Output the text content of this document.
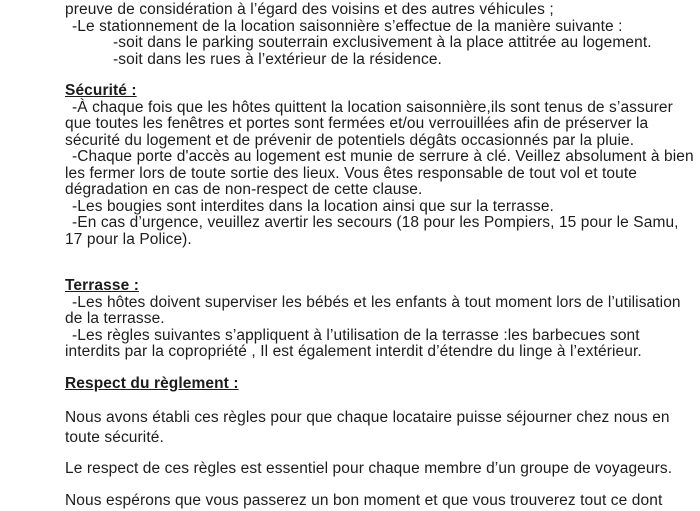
preuve de considération à l’égard des voisins et des autres véhicules ;
-Le stationnement de la location saisonnière s’effectue de la manière suivante :
-soit dans le parking souterrain exclusivement à la place attitrée au logement.
-soit dans les rues à l’extérieur de la résidence.
Sécurité :
-À chaque fois que les hôtes quittent la location saisonnière,ils sont tenus de s’assurer
que toutes les fenêtres et portes sont fermées et/ou verrouillées afin de préserver la
sécurité du logement et de prévenir de potentiels dégâts occasionnés par la pluie.
-Chaque porte d'accès au logement est munie de serrure à clé. Veillez absolument à bien
les fermer lors de toute sortie des lieux. Vous êtes responsable de tout vol et toute
dégradation en cas de non-respect de cette clause.
-Les bougies sont interdites dans la location ainsi que sur la terrasse.
-En cas d’urgence, veuillez avertir les secours (18 pour les Pompiers, 15 pour le Samu,
17 pour la Police).
Terrasse :
-Les hôtes doivent superviser les bébés et les enfants à tout moment lors de l’utilisation
de la terrasse.
-Les règles suivantes s’appliquent à l’utilisation de la terrasse :les barbecues sont
interdits par la copropriété , Il est également interdit d’étendre du linge à l’extérieur.
Respect du règlement :
Nous avons établi ces règles pour que chaque locataire puisse séjourner chez nous en
toute sécurité.
Le respect de ces règles est essentiel pour chaque membre d’un groupe de voyageurs.
Nous espérons que vous passerez un bon moment et que vous trouverez tout ce dont
